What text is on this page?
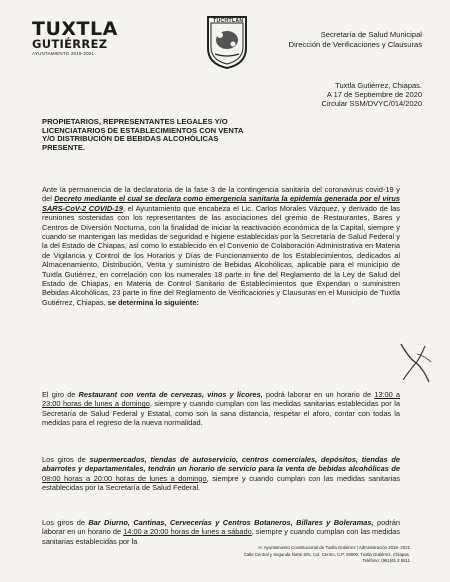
TUXTLA
GUTIÉRREZ
AYUNTAMIENTO 2018-2021
TUCHTLAN
Secretaría de Salud Municipal
Dirección de Verificaciones y Clausuras
Tuxtla Gutiérrez, Chiapas.
A 17 de Septiembre de 2020
Circular SSM/DVYC/014/2020
PROPIETARIOS, REPRESENTANTES LEGALES Y/O
LICENCIATARIOS DE ESTABLECIMIENTOS CON VENTA
Y/O DISTRIBUCIÓN DE BEBIDAS ALCOHÓLICAS
PRESENTE.
Ante la permanencia de la declaratoria de la fase 3 de la contingencia sanitaria del coronavirus covid-19 y del Decreto mediante el cual se declara como emergencia sanitaria la epidemia generada por el virus SARS-CoV-2 COVID-19, el Ayuntamiento que encabeza el Lic. Carlos Morales Vázquez, y derivado de las reuniones sostenidas con los representantes de las asociaciones del gremio de Restaurantes, Bares y Centros de Diversión Nocturna, con la finalidad de iniciar la reactivación económica de la Capital, siempre y cuando se mantengan las medidas de seguridad e higiene establecidas por la Secretaría de Salud Federal y la del Estado de Chiapas, así como lo establecido en el Convenio de Colaboración Administrativa en Materia de Vigilancia y Control de los Horarios y Días de Funcionamiento de los Establecimientos, dedicados al Almacenamiento, Distribución, Venta y suministro de Bebidas Alcohólicas, aplicable para el municipio de Tuxtla Gutiérrez, en correlación con los numerales 18 parte in fine del Reglamento de la Ley de Salud del Estado de Chiapas, en Materia de Control Sanitario de Establecimientos que Expendan o suministren Bebidas Alcohólicas, 23 parte in fine del Reglamento de Verificaciones y Clausuras en el Municipio de Tuxtla Gutiérrez, Chiapas, se determina lo siguiente:
El giro de Restaurant con venta de cervezas, vinos y licores, podrá laborar en un horario de 13:00 a 23:00 horas de lunes a domingo, siempre y cuando cumplan con las medidas sanitarias establecidas por la Secretaría de Salud Federal y Estatal, como son la sana distancia, respetar el aforo, contar con todas la medidas para el regreso de la nueva normalidad.
Los giros de supermercados, tiendas de autoservicio, centros comerciales, depósitos, tiendas de abarrotes y departamentales, tendrán un horario de servicio para la venta de bebidas alcohólicas de 08:00 horas a 20:00 horas de lunes a domingo, siempre y cuando cumplan con las medidas sanitarias establecidas por la Secretaría de Salud Federal.
Los giros de Bar Diurno, Cantinas, Cervecerías y Centros Botaneros, Billares y Boleramas, podrán laborar en un horario de 14:00 a 20:00 horas de lunes a sábado, siempre y cuando cumplan con las medidas sanitarias establecidas por la
H. Ayuntamiento Constitucional de Tuxtla Gutiérrez | Administración 2018- 2021
Calle Central y Segunda Norte S/N, Col. Centro, C.P. 29000, Tuxtla Gutiérrez, Chiapas.
Teléfono: (961)61 2 5511
